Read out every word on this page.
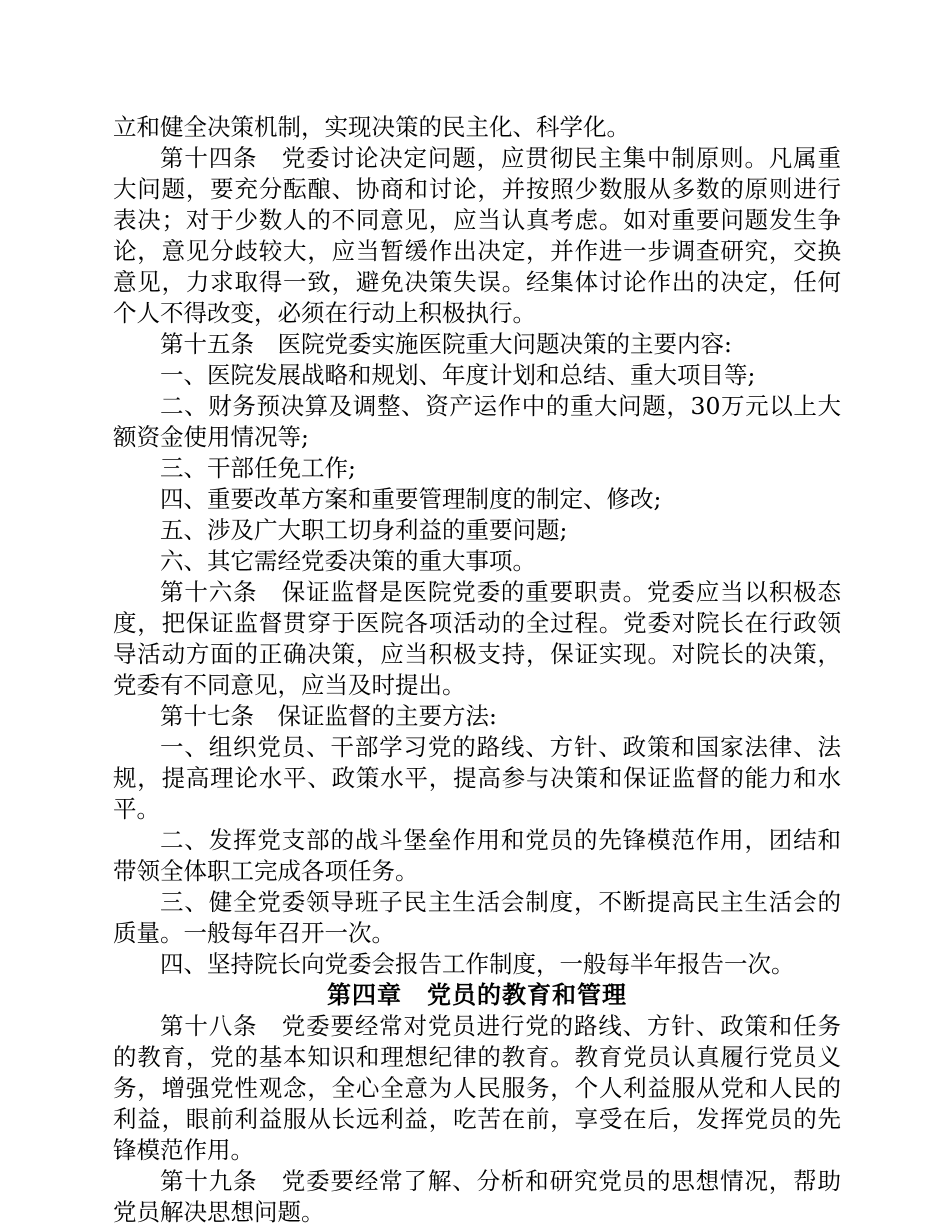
立和健全决策机制，实现决策的民主化、科学化。

第十四条　党委讨论决定问题，应贯彻民主集中制原则。凡属重大问题，要充分酝酿、协商和讨论，并按照少数服从多数的原则进行表决；对于少数人的不同意见，应当认真考虑。如对重要问题发生争论，意见分歧较大，应当暂缓作出决定，并作进一步调查研究，交换意见，力求取得一致，避免决策失误。经集体讨论作出的决定，任何个人不得改变，必须在行动上积极执行。

第十五条　医院党委实施医院重大问题决策的主要内容:

一、医院发展战略和规划、年度计划和总结、重大项目等;

二、财务预决算及调整、资产运作中的重大问题，30万元以上大额资金使用情况等;

三、干部任免工作;

四、重要改革方案和重要管理制度的制定、修改;

五、涉及广大职工切身利益的重要问题;

六、其它需经党委决策的重大事项。

第十六条　保证监督是医院党委的重要职责。党委应当以积极态度，把保证监督贯穿于医院各项活动的全过程。党委对院长在行政领导活动方面的正确决策，应当积极支持，保证实现。对院长的决策，党委有不同意见，应当及时提出。

第十七条　保证监督的主要方法:

一、组织党员、干部学习党的路线、方针、政策和国家法律、法规，提高理论水平、政策水平，提高参与决策和保证监督的能力和水平。

二、发挥党支部的战斗堡垒作用和党员的先锋模范作用，团结和带领全体职工完成各项任务。

三、健全党委领导班子民主生活会制度，不断提高民主生活会的质量。一般每年召开一次。

四、坚持院长向党委会报告工作制度，一般每半年报告一次。

第四章　党员的教育和管理

第十八条　党委要经常对党员进行党的路线、方针、政策和任务的教育，党的基本知识和理想纪律的教育。教育党员认真履行党员义务，增强党性观念，全心全意为人民服务，个人利益服从党和人民的利益，眼前利益服从长远利益，吃苦在前，享受在后，发挥党员的先锋模范作用。

第十九条　党委要经常了解、分析和研究党员的思想情况，帮助党员解决思想问题。
